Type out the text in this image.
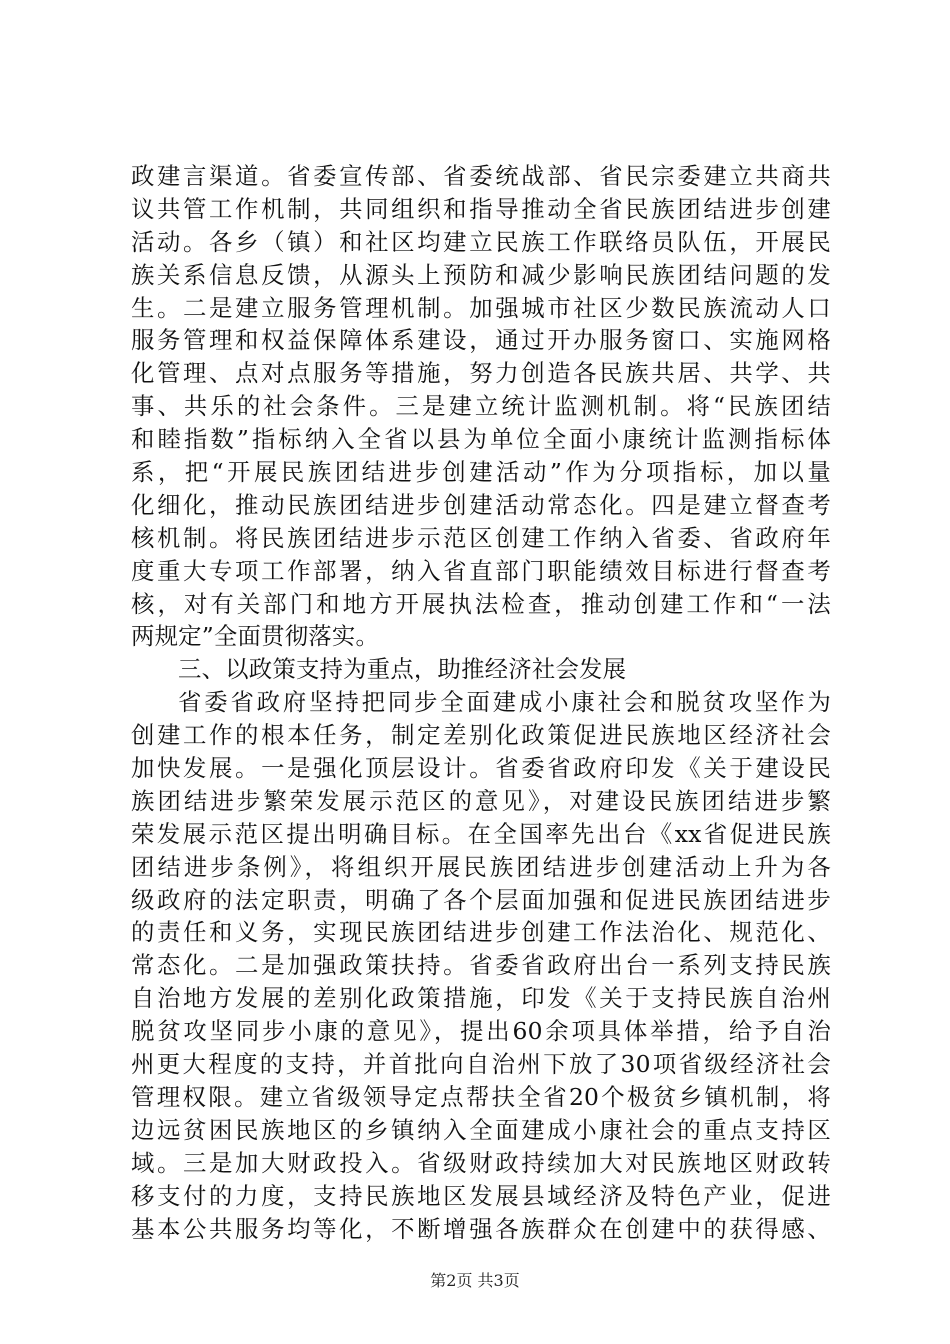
政建言渠道。省委宣传部、省委统战部、省民宗委建立共商共
议共管工作机制，共同组织和指导推动全省民族团结进步创建
活动。各乡（镇）和社区均建立民族工作联络员队伍，开展民
族关系信息反馈，从源头上预防和减少影响民族团结问题的发
生。二是建立服务管理机制。加强城市社区少数民族流动人口
服务管理和权益保障体系建设，通过开办服务窗口、实施网格
化管理、点对点服务等措施，努力创造各民族共居、共学、共
事、共乐的社会条件。三是建立统计监测机制。将“民族团结
和睦指数”指标纳入全省以县为单位全面小康统计监测指标体
系，把“开展民族团结进步创建活动”作为分项指标，加以量
化细化，推动民族团结进步创建活动常态化。四是建立督查考
核机制。将民族团结进步示范区创建工作纳入省委、省政府年
度重大专项工作部署，纳入省直部门职能绩效目标进行督查考
核，对有关部门和地方开展执法检查，推动创建工作和“一法
两规定”全面贯彻落实。
三、以政策支持为重点，助推经济社会发展
省委省政府坚持把同步全面建成小康社会和脱贫攻坚作为
创建工作的根本任务，制定差别化政策促进民族地区经济社会
加快发展。一是强化顶层设计。省委省政府印发《关于建设民
族团结进步繁荣发展示范区的意见》，对建设民族团结进步繁
荣发展示范区提出明确目标。在全国率先出台《xx省促进民族
团结进步条例》，将组织开展民族团结进步创建活动上升为各
级政府的法定职责，明确了各个层面加强和促进民族团结进步
的责任和义务，实现民族团结进步创建工作法治化、规范化、
常态化。二是加强政策扶持。省委省政府出台一系列支持民族
自治地方发展的差别化政策措施，印发《关于支持民族自治州
脱贫攻坚同步小康的意见》，提出60余项具体举措，给予自治
州更大程度的支持，并首批向自治州下放了30项省级经济社会
管理权限。建立省级领导定点帮扶全省20个极贫乡镇机制，将
边远贫困民族地区的乡镇纳入全面建成小康社会的重点支持区
域。三是加大财政投入。省级财政持续加大对民族地区财政转
移支付的力度，支持民族地区发展县域经济及特色产业，促进
基本公共服务均等化，不断增强各族群众在创建中的获得感、
第2页 共3页
